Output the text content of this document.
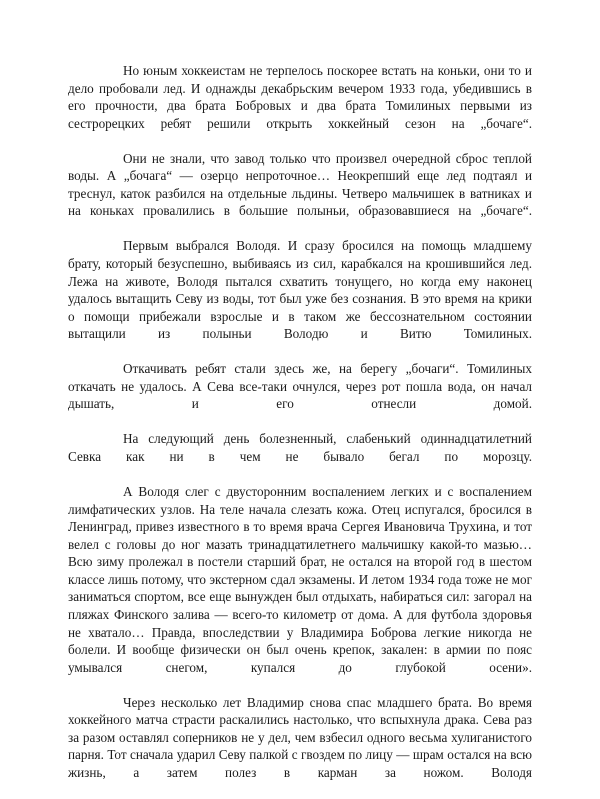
Но юным хоккеистам не терпелось поскорее встать на коньки, они то и дело пробовали лед. И однажды декабрьским вечером 1933 года, убедившись в его прочности, два брата Бобровых и два брата Томилиных первыми из сестрорецких ребят решили открыть хоккейный сезон на „бочаге“.

Они не знали, что завод только что произвел очередной сброс теплой воды. А „бочага“ — озерцо непроточное… Неокрепший еще лед подтаял и треснул, каток разбился на отдельные льдины. Четверо мальчишек в ватниках и на коньках провалились в большие полыньи, образовавшиеся на „бочаге“.

Первым выбрался Володя. И сразу бросился на помощь младшему брату, который безуспешно, выбиваясь из сил, карабкался на крошившийся лед. Лежа на животе, Володя пытался схватить тонущего, но когда ему наконец удалось вытащить Севу из воды, тот был уже без сознания. В это время на крики о помощи прибежали взрослые и в таком же бессознательном состоянии вытащили из полыньи Володю и Витю Томилиных.

Откачивать ребят стали здесь же, на берегу „бочаги“. Томилиных откачать не удалось. А Сева все-таки очнулся, через рот пошла вода, он начал дышать, и его отнесли домой.

На следующий день болезненный, слабенький одиннадцатилетний Севка как ни в чем не бывало бегал по морозцу.

А Володя слег с двусторонним воспалением легких и с воспалением лимфатических узлов. На теле начала слезать кожа. Отец испугался, бросился в Ленинград, привез известного в то время врача Сергея Ивановича Трухина, и тот велел с головы до ног мазать тринадцатилетнего мальчишку какой-то мазью… Всю зиму пролежал в постели старший брат, не остался на второй год в шестом классе лишь потому, что экстерном сдал экзамены. И летом 1934 года тоже не мог заниматься спортом, все еще вынужден был отдыхать, набираться сил: загорал на пляжах Финского залива — всего-то километр от дома. А для футбола здоровья не хватало… Правда, впоследствии у Владимира Боброва легкие никогда не болели. И вообще физически он был очень крепок, закален: в армии по пояс умывался снегом, купался до глубокой осени».

Через несколько лет Владимир снова спас младшего брата. Во время хоккейного матча страсти раскалились настолько, что вспыхнула драка. Сева раз за разом оставлял соперников не у дел, чем взбесил одного весьма хулиганистого парня. Тот сначала ударил Севу палкой с гвоздем по лицу — шрам остался на всю жизнь, а затем полез в карман за ножом. Володя
